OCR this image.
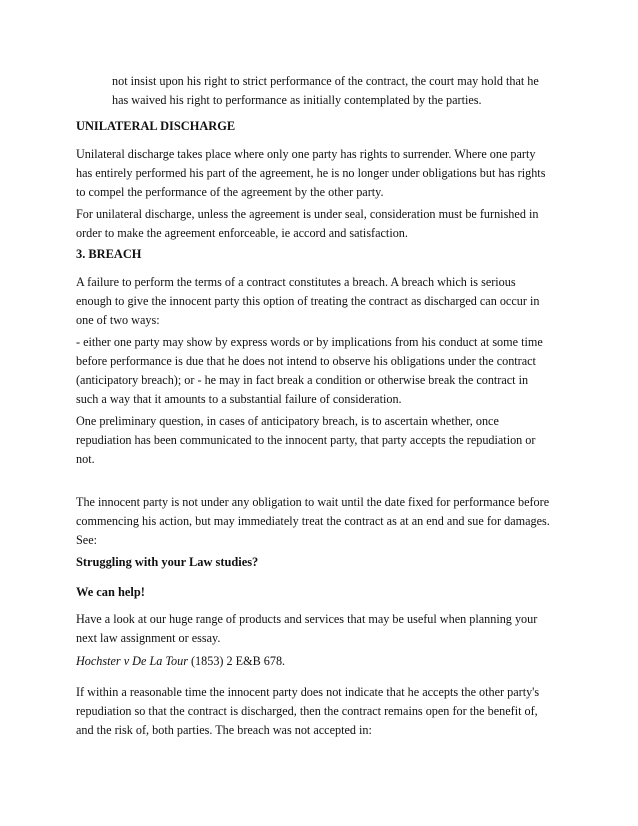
not insist upon his right to strict performance of the contract, the court may hold that he
has waived his right to performance as initially contemplated by the parties.

UNILATERAL DISCHARGE

Unilateral discharge takes place where only one party has rights to surrender. Where one party
has entirely performed his part of the agreement, he is no longer under obligations but has rights
to compel the performance of the agreement by the other party.

For unilateral discharge, unless the agreement is under seal, consideration must be furnished in
order to make the agreement enforceable, ie accord and satisfaction.

3. BREACH

A failure to perform the terms of a contract constitutes a breach. A breach which is serious
enough to give the innocent party this option of treating the contract as discharged can occur in
one of two ways:

- either one party may show by express words or by implications from his conduct at some time
before performance is due that he does not intend to observe his obligations under the contract
(anticipatory breach); or - he may in fact break a condition or otherwise break the contract in
such a way that it amounts to a substantial failure of consideration.

One preliminary question, in cases of anticipatory breach, is to ascertain whether, once
repudiation has been communicated to the innocent party, that party accepts the repudiation or
not.

The innocent party is not under any obligation to wait until the date fixed for performance before
commencing his action, but may immediately treat the contract as at an end and sue for damages.
See:

Struggling with your Law studies?

We can help!

Have a look at our huge range of products and services that may be useful when planning your
next law assignment or essay.

Hochster v De La Tour (1853) 2 E&B 678.

If within a reasonable time the innocent party does not indicate that he accepts the other party's
repudiation so that the contract is discharged, then the contract remains open for the benefit of,
and the risk of, both parties. The breach was not accepted in:
